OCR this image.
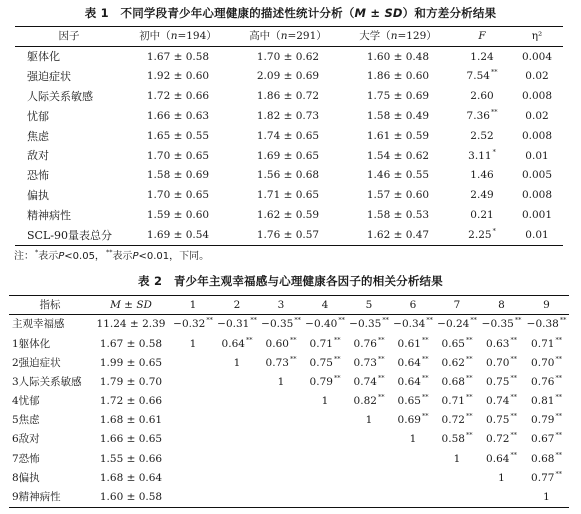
表 1　不同学段青少年心理健康的描述性统计分析（M ± SD）和方差分析结果
因子	初中（n=194）	高中（n=291）	大学（n=129）	F	η²
躯体化	1.67 ± 0.58	1.70 ± 0.62	1.60 ± 0.48	1.24	0.004
强迫症状	1.92 ± 0.60	2.09 ± 0.69	1.86 ± 0.60	7.54**	0.02
人际关系敏感	1.72 ± 0.66	1.86 ± 0.72	1.75 ± 0.69	2.60	0.008
忧郁	1.66 ± 0.63	1.82 ± 0.73	1.58 ± 0.49	7.36**	0.02
焦虑	1.65 ± 0.55	1.74 ± 0.65	1.61 ± 0.59	2.52	0.008
敌对	1.70 ± 0.65	1.69 ± 0.65	1.54 ± 0.62	3.11*	0.01
恐怖	1.58 ± 0.69	1.56 ± 0.68	1.46 ± 0.55	1.46	0.005
偏执	1.70 ± 0.65	1.71 ± 0.65	1.57 ± 0.60	2.49	0.008
精神病性	1.59 ± 0.60	1.62 ± 0.59	1.58 ± 0.53	0.21	0.001
SCL-90量表总分	1.69 ± 0.54	1.76 ± 0.57	1.62 ± 0.47	2.25*	0.01
注：*表示P<0.05，**表示P<0.01，下同。
表 2　青少年主观幸福感与心理健康各因子的相关分析结果
指标	M ± SD	1	2	3	4	5	6	7	8	9
主观幸福感	11.24 ± 2.39	−0.32**	−0.31**	−0.35**	−0.40**	−0.35**	−0.34**	−0.24**	−0.35**	−0.38**
1躯体化	1.67 ± 0.58	1	0.64**	0.60**	0.71**	0.76**	0.61**	0.65**	0.63**	0.71**
2强迫症状	1.99 ± 0.65		1	0.73**	0.75**	0.73**	0.64**	0.62**	0.70**	0.70**
3人际关系敏感	1.79 ± 0.70			1	0.79**	0.74**	0.64**	0.68**	0.75**	0.76**
4忧郁	1.72 ± 0.66				1	0.82**	0.65**	0.71**	0.74**	0.81**
5焦虑	1.68 ± 0.61					1	0.69**	0.72**	0.75**	0.79**
6敌对	1.66 ± 0.65						1	0.58**	0.72**	0.67**
7恐怖	1.55 ± 0.66							1	0.64**	0.68**
8偏执	1.68 ± 0.64								1	0.77**
9精神病性	1.60 ± 0.58									1
